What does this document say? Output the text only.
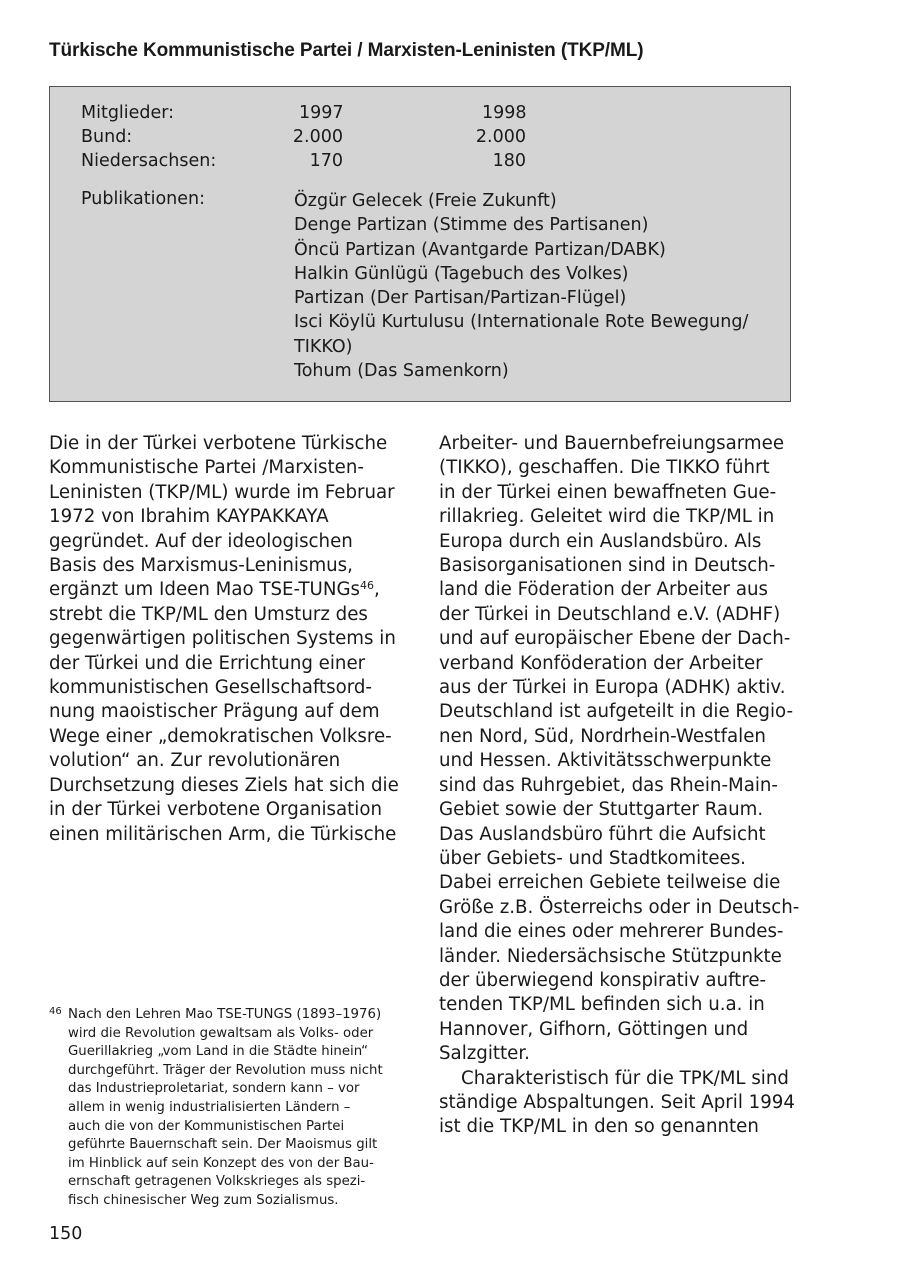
Türkische Kommunistische Partei / Marxisten-Leninisten (TKP/ML)
Mitglieder:	1997	1998
Bund:	2.000	2.000
Niedersachsen:	170	180
Publikationen:	Özgür Gelecek (Freie Zukunft)
Denge Partizan (Stimme des Partisanen)
Öncü Partizan (Avantgarde Partizan/DABK)
Halkin Günlügü (Tagebuch des Volkes)
Partizan (Der Partisan/Partizan-Flügel)
Isci Köylü Kurtulusu (Internationale Rote Bewegung/
TIKKO)
Tohum (Das Samenkorn)

Die in der Türkei verbotene Türkische
Kommunistische Partei /Marxisten-
Leninisten (TKP/ML) wurde im Februar
1972 von Ibrahim KAYPAKKAYA
gegründet. Auf der ideologischen
Basis des Marxismus-Leninismus,
ergänzt um Ideen Mao TSE-TUNGs$^{46}$,
strebt die TKP/ML den Umsturz des
gegenwärtigen politischen Systems in
der Türkei und die Errichtung einer
kommunistischen Gesellschaftsord-
nung maoistischer Prägung auf dem
Wege einer „demokratischen Volksre-
volution“ an. Zur revolutionären
Durchsetzung dieses Ziels hat sich die
in der Türkei verbotene Organisation
einen militärischen Arm, die Türkische

Arbeiter- und Bauernbefreiungsarmee
(TIKKO), geschaffen. Die TIKKO führt
in der Türkei einen bewaffneten Gue-
rillakrieg. Geleitet wird die TKP/ML in
Europa durch ein Auslandsbüro. Als
Basisorganisationen sind in Deutsch-
land die Föderation der Arbeiter aus
der Türkei in Deutschland e.V. (ADHF)
und auf europäischer Ebene der Dach-
verband Konföderation der Arbeiter
aus der Türkei in Europa (ADHK) aktiv.
Deutschland ist aufgeteilt in die Regio-
nen Nord, Süd, Nordrhein-Westfalen
und Hessen. Aktivitätsschwerpunkte
sind das Ruhrgebiet, das Rhein-Main-
Gebiet sowie der Stuttgarter Raum.
Das Auslandsbüro führt die Aufsicht
über Gebiets- und Stadtkomitees.
Dabei erreichen Gebiete teilweise die
Größe z.B. Österreichs oder in Deutsch-
land die eines oder mehrerer Bundes-
länder. Niedersächsische Stützpunkte
der überwiegend konspirativ auftre-
tenden TKP/ML befinden sich u.a. in
Hannover, Gifhorn, Göttingen und
Salzgitter.

Charakteristisch für die TPK/ML sind
ständige Abspaltungen. Seit April 1994
ist die TKP/ML in den so genannten

46 Nach den Lehren Mao TSE-TUNGS (1893–1976)
wird die Revolution gewaltsam als Volks- oder
Guerillakrieg „vom Land in die Städte hinein“
durchgeführt. Träger der Revolution muss nicht
das Industrieproletariat, sondern kann – vor
allem in wenig industrialisierten Ländern –
auch die von der Kommunistischen Partei
geführte Bauernschaft sein. Der Maoismus gilt
im Hinblick auf sein Konzept des von der Bau-
ernschaft getragenen Volkskrieges als spezi-
fisch chinesischer Weg zum Sozialismus.
150
